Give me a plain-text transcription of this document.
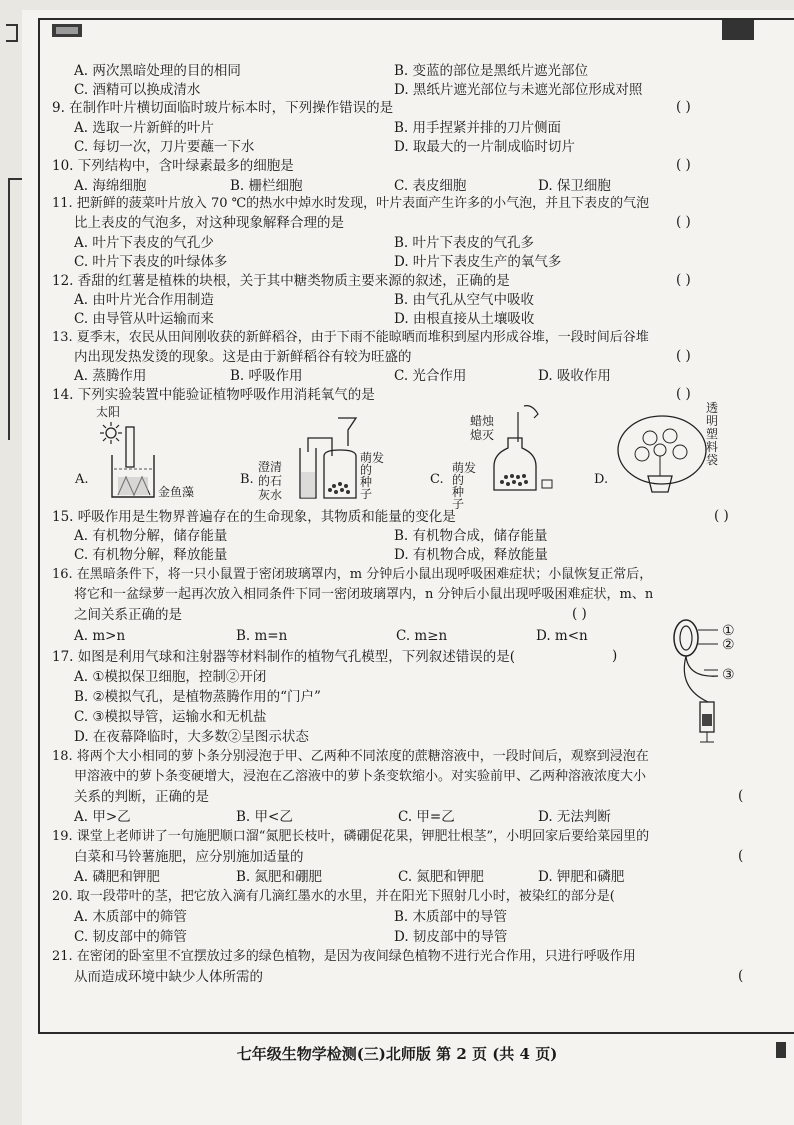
A. 两次黑暗处理的目的相同	B. 变蓝的部位是黑纸片遮光部位
C. 酒精可以换成清水	D. 黑纸片遮光部位与未遮光部位形成对照
9. 在制作叶片横切面临时玻片标本时，下列操作错误的是	( )
A. 选取一片新鲜的叶片	B. 用手捏紧并排的刀片侧面
C. 每切一次，刀片要蘸一下水	D. 取最大的一片制成临时切片
10. 下列结构中，含叶绿素最多的细胞是	( )
A. 海绵细胞	B. 栅栏细胞	C. 表皮细胞	D. 保卫细胞
11. 把新鲜的菠菜叶片放入 70 ℃的热水中焯水时发现，叶片表面产生许多的小气泡，并且下表皮的气泡
比上表皮的气泡多，对这种现象解释合理的是	( )
A. 叶片下表皮的气孔少	B. 叶片下表皮的气孔多
C. 叶片下表皮的叶绿体多	D. 叶片下表皮生产的氧气多
12. 香甜的红薯是植株的块根，关于其中糖类物质主要来源的叙述，正确的是	( )
A. 由叶片光合作用制造	B. 由气孔从空气中吸收
C. 由导管从叶运输而来	D. 由根直接从土壤吸收
13. 夏季末，农民从田间刚收获的新鲜稻谷，由于下雨不能晾晒而堆积到屋内形成谷堆，一段时间后谷堆
内出现发热发烫的现象。这是由于新鲜稻谷有较为旺盛的	( )
A. 蒸腾作用	B. 呼吸作用	C. 光合作用	D. 吸收作用
14. 下列实验装置中能验证植物呼吸作用消耗氧气的是	( )
A.
太阳
金鱼藻
B.
澄清
的石
灰水
萌发
的
种
子
C.
蜡烛
熄灭
萌发
的
种
子
D.
透
明
塑
料
袋
15. 呼吸作用是生物界普遍存在的生命现象，其物质和能量的变化是	( )
A. 有机物分解，储存能量	B. 有机物合成，储存能量
C. 有机物分解，释放能量	D. 有机物合成，释放能量
16. 在黑暗条件下，将一只小鼠置于密闭玻璃罩内，m 分钟后小鼠出现呼吸困难症状；小鼠恢复正常后，
将它和一盆绿萝一起再次放入相同条件下同一密闭玻璃罩内，n 分钟后小鼠出现呼吸困难症状，m、n
之间关系正确的是	( )
A. m>n	B. m=n	C. m≥n	D. m<n
17. 如图是利用气球和注射器等材料制作的植物气孔模型，下列叙述错误的是(	)
A. ①模拟保卫细胞，控制②开闭
B. ②模拟气孔，是植物蒸腾作用的“门户”
C. ③模拟导管，运输水和无机盐
D. 在夜幕降临时，大多数②呈图示状态
①
②
③
18. 将两个大小相同的萝卜条分别浸泡于甲、乙两种不同浓度的蔗糖溶液中，一段时间后，观察到浸泡在
甲溶液中的萝卜条变硬增大，浸泡在乙溶液中的萝卜条变软缩小。对实验前甲、乙两种溶液浓度大小
关系的判断，正确的是	(
A. 甲>乙	B. 甲<乙	C. 甲=乙	D. 无法判断
19. 课堂上老师讲了一句施肥顺口溜“氮肥长枝叶，磷硼促花果，钾肥壮根茎”，小明回家后要给菜园里的
白菜和马铃薯施肥，应分别施加适量的	(
A. 磷肥和钾肥	B. 氮肥和硼肥	C. 氮肥和钾肥	D. 钾肥和磷肥
20. 取一段带叶的茎，把它放入滴有几滴红墨水的水里，并在阳光下照射几小时，被染红的部分是(
A. 木质部中的筛管	B. 木质部中的导管
C. 韧皮部中的筛管	D. 韧皮部中的导管
21. 在密闭的卧室里不宜摆放过多的绿色植物，是因为夜间绿色植物不进行光合作用，只进行呼吸作用
从而造成环境中缺少人体所需的	(
七年级生物学检测(三)北师版 第 2 页 (共 4 页)
